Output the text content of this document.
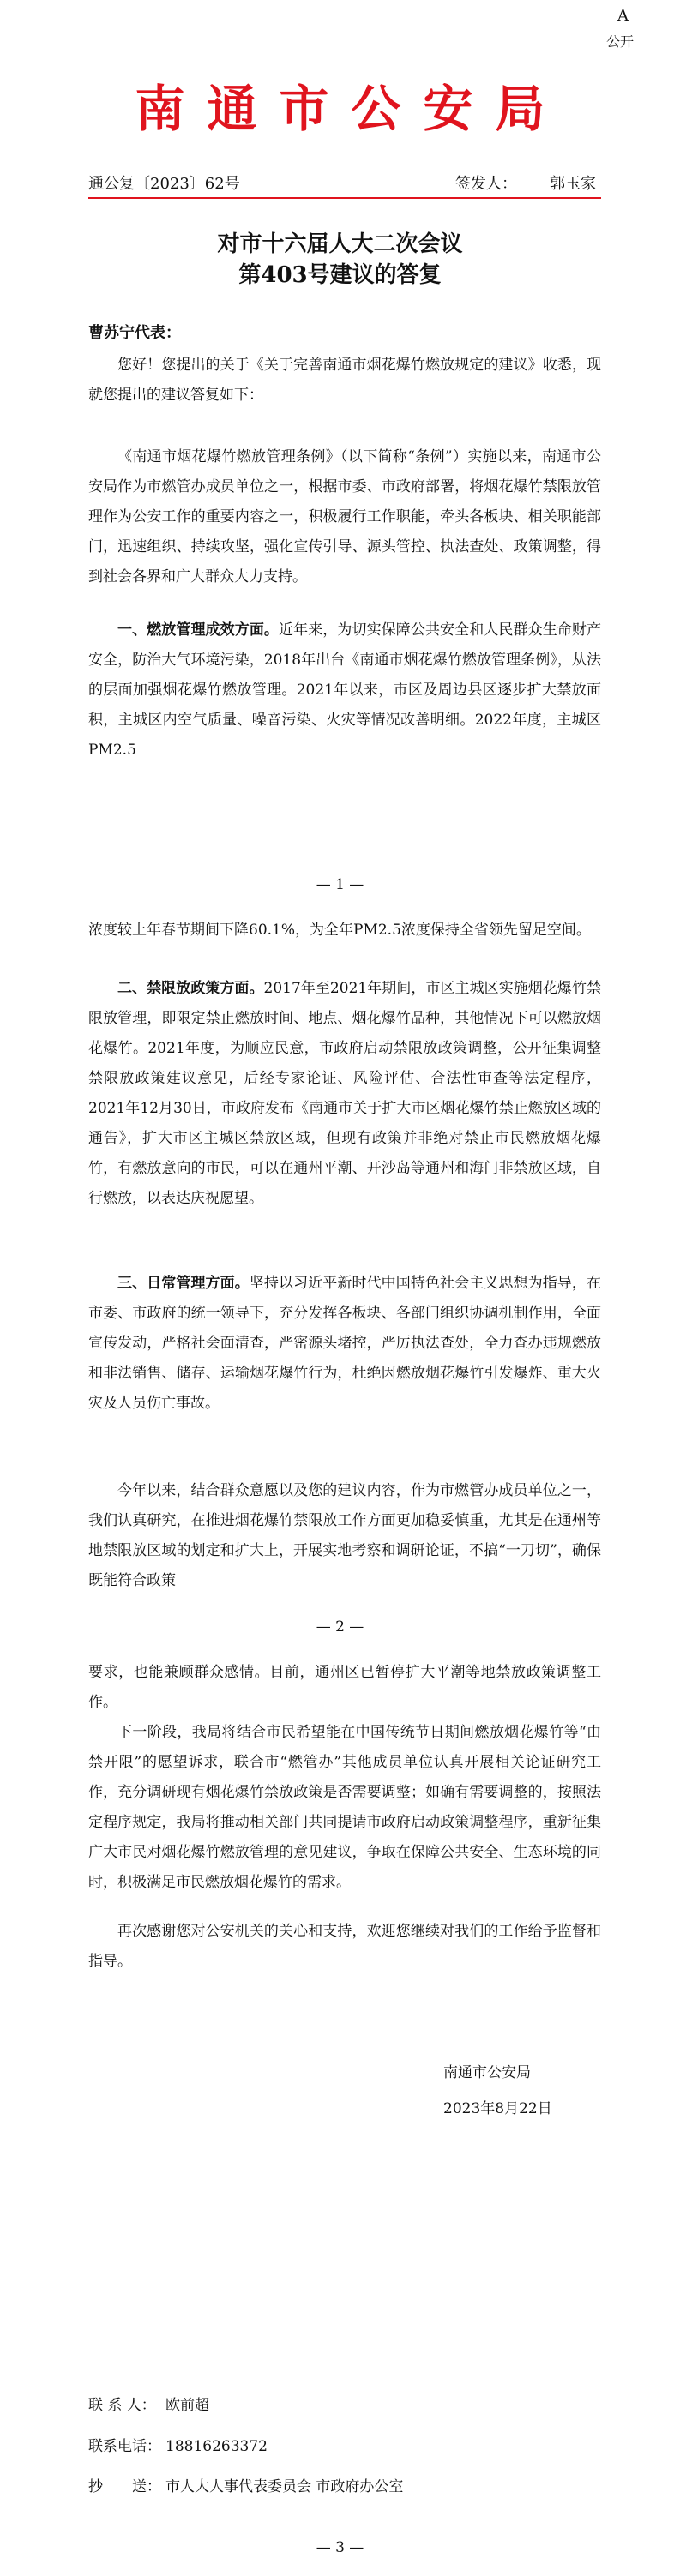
A
公开
南通市公安局
通公复〔2023〕62号	签发人： 郭玉家
对市十六届人大二次会议
第403号建议的答复
曹苏宁代表：

您好！您提出的关于《关于完善南通市烟花爆竹燃放规定的建议》收悉，现就您提出的建议答复如下：

《南通市烟花爆竹燃放管理条例》（以下简称“条例”）实施以来，南通市公安局作为市燃管办成员单位之一，根据市委、市政府部署，将烟花爆竹禁限放管理作为公安工作的重要内容之一，积极履行工作职能，牵头各板块、相关职能部门，迅速组织、持续攻坚，强化宣传引导、源头管控、执法查处、政策调整，得到社会各界和广大群众大力支持。

一、燃放管理成效方面。近年来，为切实保障公共安全和人民群众生命财产安全，防治大气环境污染，2018年出台《南通市烟花爆竹燃放管理条例》，从法的层面加强烟花爆竹燃放管理。2021年以来，市区及周边县区逐步扩大禁放面积，主城区内空气质量、噪音污染、火灾等情况改善明细。2022年度，主城区PM2.5

— 1 —

浓度较上年春节期间下降60.1%，为全年PM2.5浓度保持全省领先留足空间。

二、禁限放政策方面。2017年至2021年期间，市区主城区实施烟花爆竹禁限放管理，即限定禁止燃放时间、地点、烟花爆竹品种，其他情况下可以燃放烟花爆竹。2021年度，为顺应民意，市政府启动禁限放政策调整，公开征集调整禁限放政策建议意见，后经专家论证、风险评估、合法性审查等法定程序，2021年12月30日，市政府发布《南通市关于扩大市区烟花爆竹禁止燃放区域的通告》，扩大市区主城区禁放区域，但现有政策并非绝对禁止市民燃放烟花爆竹，有燃放意向的市民，可以在通州平潮、开沙岛等通州和海门非禁放区域，自行燃放，以表达庆祝愿望。

三、日常管理方面。坚持以习近平新时代中国特色社会主义思想为指导，在市委、市政府的统一领导下，充分发挥各板块、各部门组织协调机制作用，全面宣传发动，严格社会面清查，严密源头堵控，严厉执法查处，全力查办违规燃放和非法销售、储存、运输烟花爆竹行为，杜绝因燃放烟花爆竹引发爆炸、重大火灾及人员伤亡事故。

今年以来，结合群众意愿以及您的建议内容，作为市燃管办成员单位之一，我们认真研究，在推进烟花爆竹禁限放工作方面更加稳妥慎重，尤其是在通州等地禁限放区域的划定和扩大上，开展实地考察和调研论证，不搞“一刀切”，确保既能符合政策

— 2 —

要求，也能兼顾群众感情。目前，通州区已暂停扩大平潮等地禁放政策调整工作。

下一阶段，我局将结合市民希望能在中国传统节日期间燃放烟花爆竹等“由禁开限”的愿望诉求，联合市“燃管办”其他成员单位认真开展相关论证研究工作，充分调研现有烟花爆竹禁放政策是否需要调整；如确有需要调整的，按照法定程序规定，我局将推动相关部门共同提请市政府启动政策调整程序，重新征集广大市民对烟花爆竹燃放管理的意见建议，争取在保障公共安全、生态环境的同时，积极满足市民燃放烟花爆竹的需求。

再次感谢您对公安机关的关心和支持，欢迎您继续对我们的工作给予监督和指导。

南通市公安局
2023年8月22日
联 系 人： 欧前超
联系电话： 18816263372
抄　　送： 市人大人事代表委员会 市政府办公室
— 3 —
